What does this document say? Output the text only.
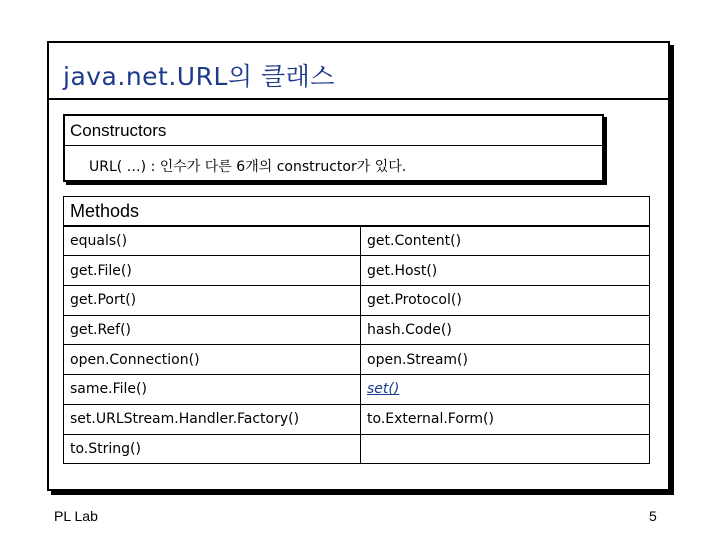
java.net.URL의 클래스
Constructors
URL( …) : 인수가 다른 6개의 constructor가 있다.
Methods	
equals()	get.Content()
get.File()	get.Host()
get.Port()	get.Protocol()
get.Ref()	hash.Code()
open.Connection()	open.Stream()
same.File()	set()
set.URLStream.Handler.Factory()	to.External.Form()
to.String()	
PL Lab	5
